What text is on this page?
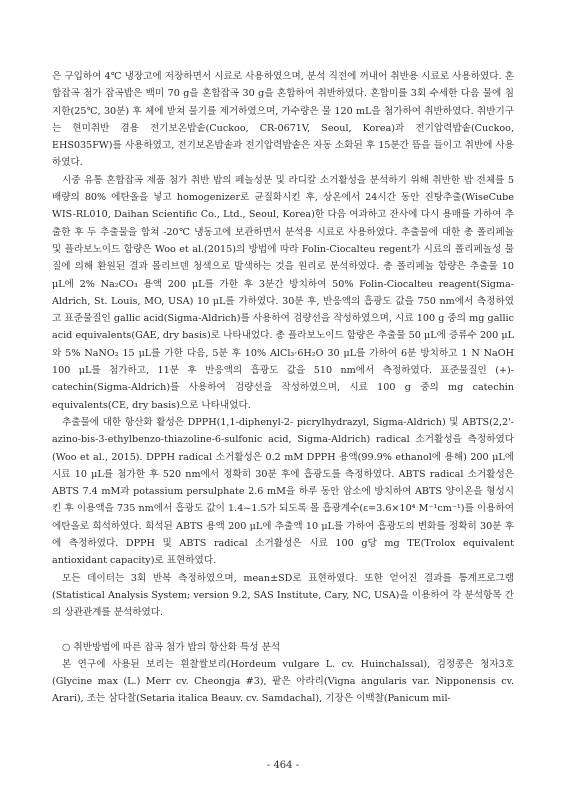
은 구입하여 4℃ 냉장고에 저장하면서 시료로 사용하였으며, 분석 직전에 꺼내어 취반용 시료로 사용하였다. 혼합잡곡 첨가 잡곡밥은 백미 70 g을 혼합잡곡 30 g을 혼합하여 취반하였다. 혼합미를 3회 수세한 다음 물에 침지한(25℃, 30분) 후 체에 받쳐 물기를 제거하였으며, 가수량은 물 120 mL을 첨가하여 취반하였다. 취반기구는 현미취반 겸용 전기보온밥솥(Cuckoo, CR-0671V, Seoul, Korea)과 전기압력밥솥(Cuckoo, EHS035FW)를 사용하였고, 전기보온밥솥과 전기압력밥솥은 자동 소화된 후 15분간 뜸을 들이고 취반에 사용하였다.

시중 유통 혼합잡곡 제품 첨가 취반 밥의 페놀성분 및 라디칼 소거활성을 분석하기 위해 취반한 밥 전체를 5배량의 80% 에탄올을 넣고 homogenizer로 균질화시킨 후, 상온에서 24시간 동안 진탕추출(WiseCube WIS-RL010, Daihan Scientific Co., Ltd., Seoul, Korea)한 다음 여과하고 잔사에 다시 용매를 가하여 추출한 후 두 추출물을 합쳐 -20℃ 냉동고에 보관하면서 분석용 시료로 사용하였다. 추출물에 대한 총 폴리페놀 및 플라보노이드 함량은 Woo et al.(2015)의 방법에 따라 Folin-Ciocalteu regent가 시료의 폴리페놀성 물질에 의해 환원된 결과 몰리브덴 청색으로 발색하는 것을 원리로 분석하였다. 총 폴리페놀 함량은 추출물 10 μL에 2% Na₂CO₃ 용액 200 μL를 가한 후 3분간 방치하여 50% Folin-Ciocalteu reagent(Sigma-Aldrich, St. Louis, MO, USA) 10 μL를 가하였다. 30분 후, 반응액의 흡광도 값을 750 nm에서 측정하였고 표준물질인 gallic acid(Sigma-Aldrich)를 사용하여 검량선을 작성하였으며, 시료 100 g 중의 mg gallic acid equivalents(GAE, dry basis)로 나타내었다. 총 플라보노이드 함량은 추출물 50 μL에 증류수 200 μL와 5% NaNO₂ 15 μL를 가한 다음, 5분 후 10% AlCl₃·6H₂O 30 μL를 가하여 6분 방치하고 1 N NaOH 100 μL를 첨가하고, 11분 후 반응액의 흡광도 값을 510 nm에서 측정하였다. 표준물질인 (+)-catechin(Sigma-Aldrich)를 사용하여 검량선을 작성하였으며, 시료 100 g 중의 mg catechin equivalents(CE, dry basis)으로 나타내었다.

추출물에 대한 항산화 활성은 DPPH(1,1-diphenyl-2- picrylhydrazyl, Sigma-Aldrich) 및 ABTS(2,2'-azino-bis-3-ethylbenzo-thiazoline-6-sulfonic acid, Sigma-Aldrich) radical 소거활성을 측정하였다(Woo et al., 2015). DPPH radical 소거활성은 0.2 mM DPPH 용액(99.9% ethanol에 용해) 200 μL에 시료 10 μL를 첨가한 후 520 nm에서 정확히 30분 후에 흡광도를 측정하였다. ABTS radical 소거활성은 ABTS 7.4 mM과 potassium persulphate 2.6 mM을 하루 동안 암소에 방치하여 ABTS 양이온을 형성시킨 후 이용액을 735 nm에서 흡광도 값이 1.4~1.5가 되도록 몰 흡광계수(ε=3.6×10⁴ M⁻¹cm⁻¹)를 이용하여 에탄올로 희석하였다. 희석된 ABTS 용액 200 μL에 추출액 10 μL를 가하여 흡광도의 변화를 정확히 30분 후에 측정하였다. DPPH 및 ABTS radical 소거활성은 시료 100 g당 mg TE(Trolox equivalent antioxidant capacity)로 표현하였다.

모든 데이터는 3회 반복 측정하였으며, mean±SD로 표현하였다. 또한 얻어진 결과를 통계프로그램(Statistical Analysis System; version 9.2, SAS Institute, Cary, NC, USA)을 이용하여 각 분석항목 간의 상관관계를 분석하였다.

○ 취반방법에 따른 잡곡 첨가 밥의 항산화 특성 분석

본 연구에 사용된 보리는 흰찰쌀보리(Hordeum vulgare L. cv. Huinchalssal), 검정콩은 청자3호(Glycine max (L.) Merr cv. Cheongja #3), 팥은 아라리(Vigna angularis var. Nipponensis cv. Arari), 조는 삼다찰(Setaria italica Beauv. cv. Samdachal), 기장은 이백찰(Panicum mil-

- 464 -
